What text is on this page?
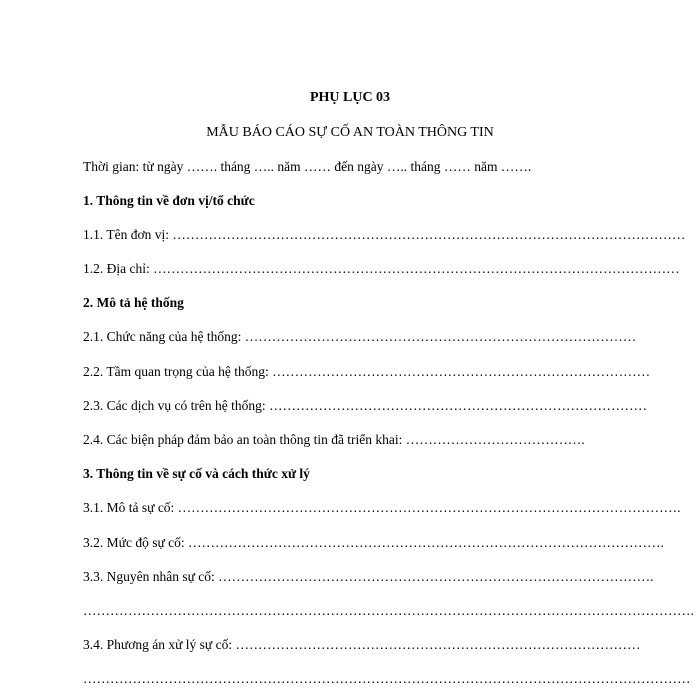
PHỤ LỤC 03
MẪU BÁO CÁO SỰ CỐ AN TOÀN THÔNG TIN
Thời gian: từ ngày ……. tháng ….. năm …… đến ngày ….. tháng …… năm …….
1. Thông tin về đơn vị/tổ chức
1.1. Tên đơn vị: ……………………………………………………………………………………………………
1.2. Địa chỉ: ………………………………………………………………………………………………………
2. Mô tả hệ thống
2.1. Chức năng của hệ thống: ……………………………………………………………………………
2.2. Tầm quan trọng của hệ thống: …………………………………………………………………………
2.3. Các dịch vụ có trên hệ thống: …………………………………………………………………………
2.4. Các biện pháp đảm bảo an toàn thông tin đã triển khai: ………………………………….
3. Thông tin về sự cố và cách thức xử lý
3.1. Mô tả sự cố: ………………………………………………………………………………………………….
3.2. Mức độ sự cố: …………………………………………………………………………………………….
3.3. Nguyên nhân sự cố: …………………………………………………………………………………….
……………………………………………………………………………………………………………………….
3.4. Phương án xử lý sự cố: ………………………………………………………………………………
………………………………………………………………………………………………………………………
